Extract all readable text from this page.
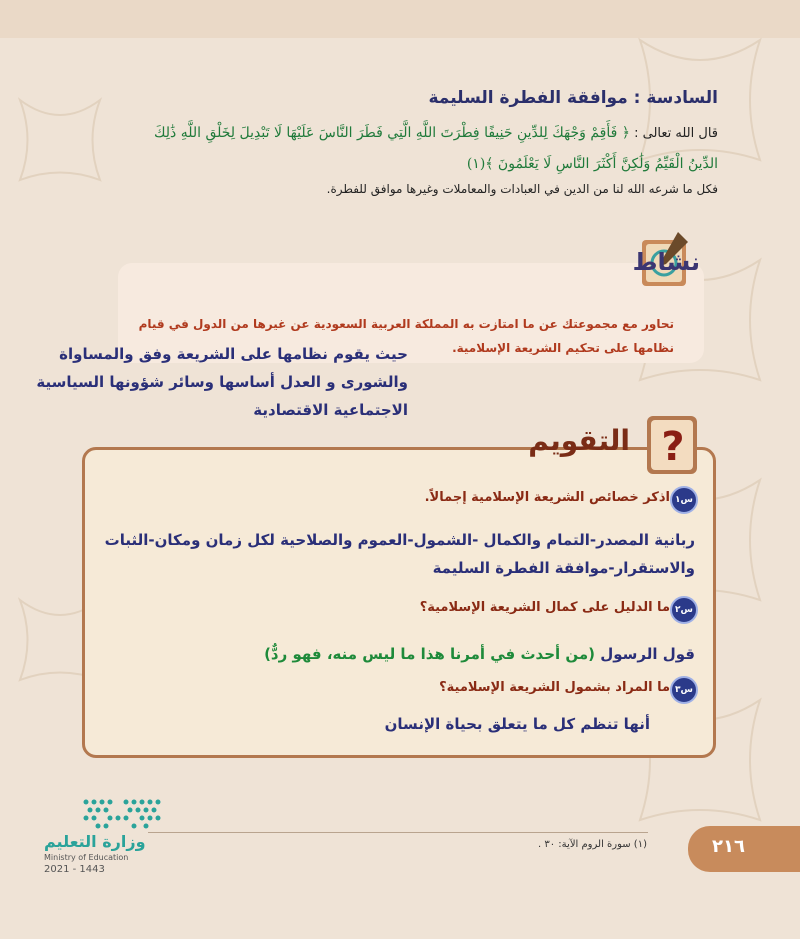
السادسة : موافقة الفطرة السليمة
قال الله تعالى : ﴿ فَأَقِمْ وَجْهَكَ لِلدِّينِ حَنِيفًا فِطْرَتَ اللَّهِ الَّتِي فَطَرَ النَّاسَ عَلَيْهَا لَا تَبْدِيلَ لِخَلْقِ اللَّهِ ذَٰلِكَ
الدِّينُ الْقَيِّمُ وَلَٰكِنَّ أَكْثَرَ النَّاسِ لَا يَعْلَمُونَ ﴾(١)
فكل ما شرعه الله لنا من الدين في العبادات والمعاملات وغيرها موافق للفطرة.
نشاط
تحاور مع مجموعتك عن ما امتازت به المملكة العربية السعودية عن غيرها من الدول في قيام نظامها على تحكيم الشريعة الإسلامية.
حيث يقوم نظامها على الشريعة وفق والمساواة والشورى و العدل أساسها وسائر شؤونها السياسية الاجتماعية الاقتصادية
?
التقويم
س١
اذكر خصائص الشريعة الإسلامية إجمالاً.
ربانية المصدر-التمام والكمال -الشمول-العموم والصلاحية لكل زمان ومكان-الثبات والاستقرار-موافقة الفطرة السليمة
س٢
ما الدليل على كمال الشريعة الإسلامية؟
قول الرسول (من أحدث في أمرنا هذا ما ليس منه، فهو ردٌّ)
س٣
ما المراد بشمول الشريعة الإسلامية؟
أنها تنظم كل ما يتعلق بحياة الإنسان
(١) سورة الروم الآية: ٣٠ .	٢١٦
وزارة التعليم
Ministry of Education
2021 - 1443
